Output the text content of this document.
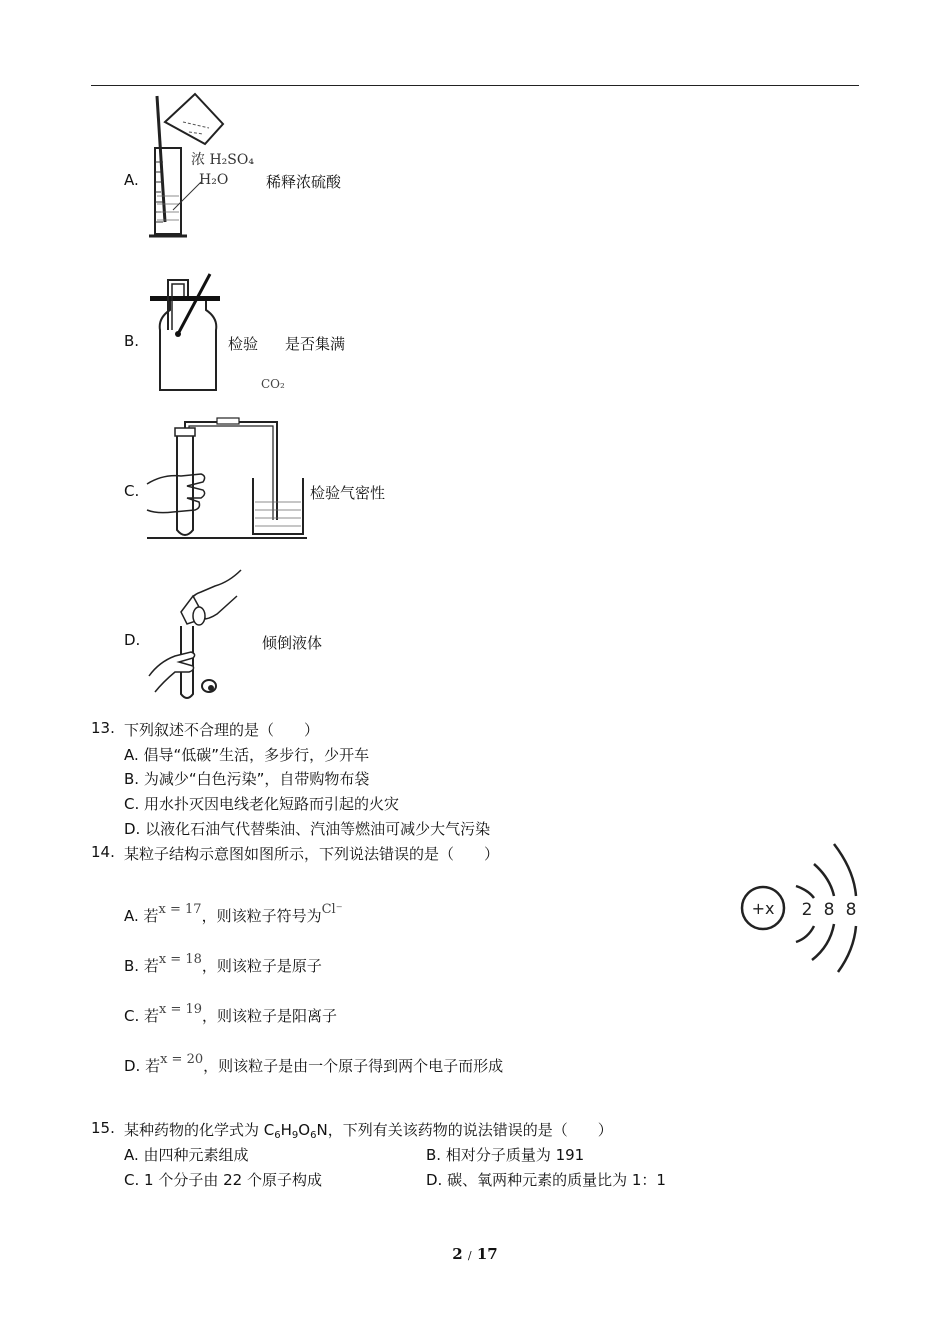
A.
浓 H₂SO₄
H₂O	稀释浓硫酸
B.	检验
CO₂
是否集满
C.	检验气密性
D.	倾倒液体
13. 下列叙述不合理的是（　　）
A. 倡导“低碳”生活，多步行，少开车
B. 为减少“白色污染”，自带购物布袋
C. 用水扑灭因电线老化短路而引起的火灾
D. 以液化石油气代替柴油、汽油等燃油可减少大气污染
14. 某粒子结构示意图如图所示，下列说法错误的是（　　）
+x 2 8 8
A. 若x = 17，则该粒子符号为Cl⁻
B. 若x = 18，则该粒子是原子
C. 若x = 19，则该粒子是阳离子
D. 若x = 20，则该粒子是由一个原子得到两个电子而形成
15. 某种药物的化学式为 $C_6H_9O_6N$，下列有关该药物的说法错误的是（　　）
A. 由四种元素组成	B. 相对分子质量为 191
C. 1 个分子由 22 个原子构成	D. 碳、氧两种元素的质量比为 1：1
2 / 17
